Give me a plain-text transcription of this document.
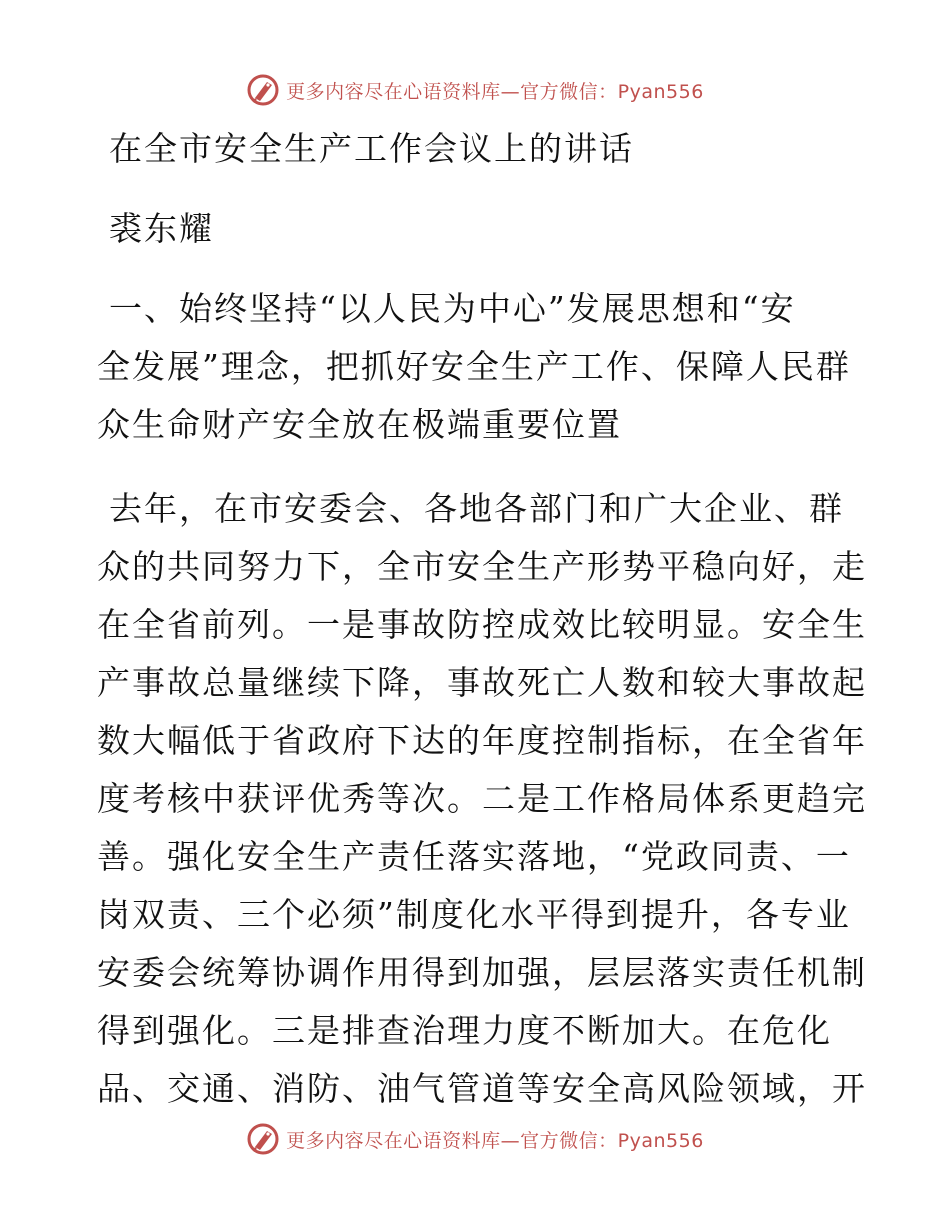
更多内容尽在心语资料库—官方微信：Pyan556

在全市安全生产工作会议上的讲话

裘东耀

一、始终坚持“以人民为中心”发展思想和“安

全发展”理念，把抓好安全生产工作、保障人民群

众生命财产安全放在极端重要位置

去年，在市安委会、各地各部门和广大企业、群

众的共同努力下，全市安全生产形势平稳向好，走

在全省前列。一是事故防控成效比较明显。安全生

产事故总量继续下降，事故死亡人数和较大事故起

数大幅低于省政府下达的年度控制指标，在全省年

度考核中获评优秀等次。二是工作格局体系更趋完

善。强化安全生产责任落实落地，“党政同责、一

岗双责、三个必须”制度化水平得到提升，各专业

安委会统筹协调作用得到加强，层层落实责任机制

得到强化。三是排查治理力度不断加大。在危化

品、交通、消防、油气管道等安全高风险领域，开

更多内容尽在心语资料库—官方微信：Pyan556
